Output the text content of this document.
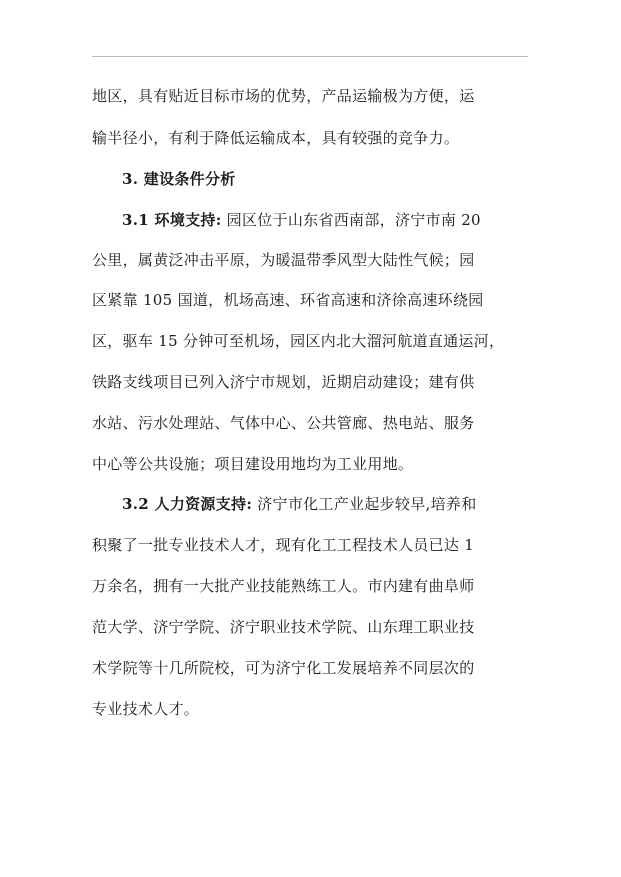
地区，具有贴近目标市场的优势，产品运输极为方便，运
输半径小，有利于降低运输成本，具有较强的竞争力。
3. 建设条件分析
3.1 环境支持: 园区位于山东省西南部，济宁市南 20
公里，属黄泛冲击平原，为暖温带季风型大陆性气候；园
区紧靠 105 国道，机场高速、环省高速和济徐高速环绕园
区，驱车 15 分钟可至机场，园区内北大溜河航道直通运河，
铁路支线项目已列入济宁市规划，近期启动建设；建有供
水站、污水处理站、气体中心、公共管廊、热电站、服务
中心等公共设施；项目建设用地均为工业用地。
3.2 人力资源支持: 济宁市化工产业起步较早,培养和
积聚了一批专业技术人才，现有化工工程技术人员已达 1
万余名，拥有一大批产业技能熟练工人。市内建有曲阜师
范大学、济宁学院、济宁职业技术学院、山东理工职业技
术学院等十几所院校，可为济宁化工发展培养不同层次的
专业技术人才。
